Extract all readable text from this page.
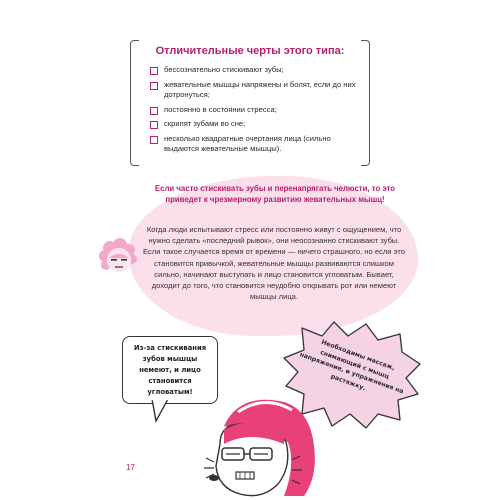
Отличительные черты этого типа:
бессознательно стискивают зубы;
жевательные мышцы напряжены и болят, если до них дотронуться;
постоянно в состоянии стресса;
скрипят зубами во сне;
несколько квадратные очертания лица (сильно выдаются жевательные мышцы).
Если часто стискивать зубы и перенапрягать челюсти, то это приведет к чрезмерному развитию жевательных мышц!
Когда люди испытывают стресс или постоянно живут с ощущением, что нужно сделать «последний рывок», они неосознанно стискивают зубы. Если такое случается время от времени — ничего страшного, но если это становится привычкой, жевательные мышцы развиваются слишком сильно, начинают выступать и лицо становится угловатым. Бывает, доходит до того, что становится неудобно открывать рот или немеют мышцы лица.
Из-за стискивания зубов мышцы немеют, и лицо становится угловатым!
Необходимы массаж, снимающий с мышц напряжение, и упражнения на растяжку.
17
